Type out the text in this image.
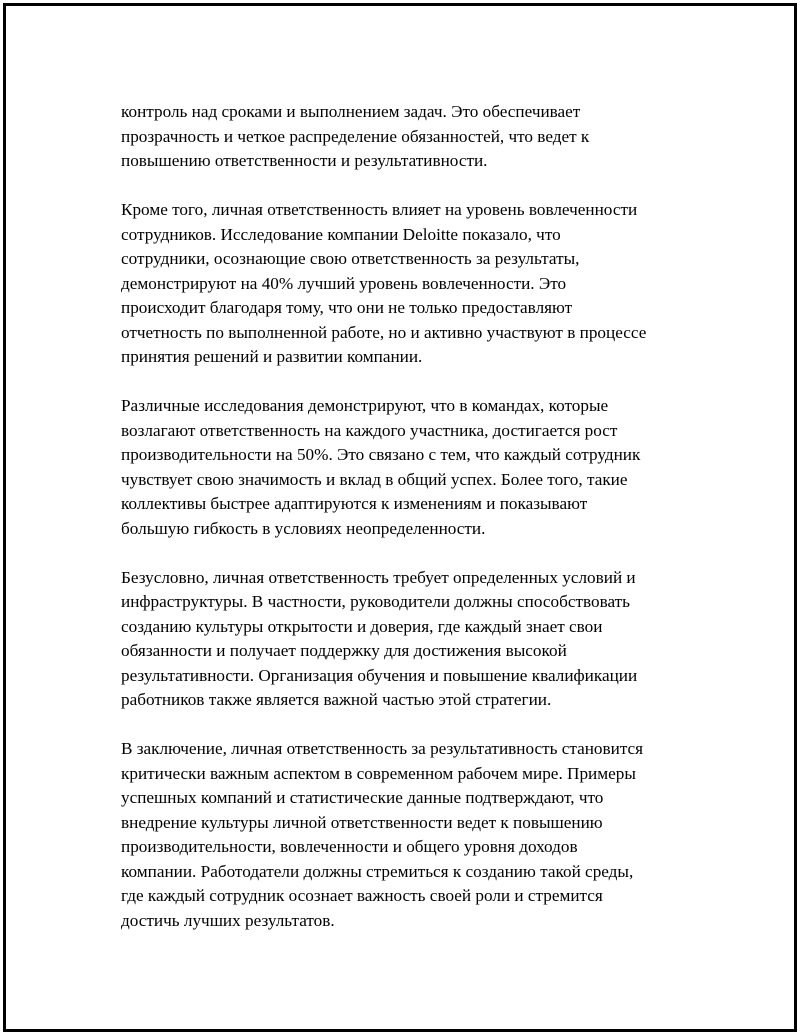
контроль над сроками и выполнением задач. Это обеспечивает
прозрачность и четкое распределение обязанностей, что ведет к
повышению ответственности и результативности.

Кроме того, личная ответственность влияет на уровень вовлеченности
сотрудников. Исследование компании Deloitte показало, что
сотрудники, осознающие свою ответственность за результаты,
демонстрируют на 40% лучший уровень вовлеченности. Это
происходит благодаря тому, что они не только предоставляют
отчетность по выполненной работе, но и активно участвуют в процессе
принятия решений и развитии компании.

Различные исследования демонстрируют, что в командах, которые
возлагают ответственность на каждого участника, достигается рост
производительности на 50%. Это связано с тем, что каждый сотрудник
чувствует свою значимость и вклад в общий успех. Более того, такие
коллективы быстрее адаптируются к изменениям и показывают
большую гибкость в условиях неопределенности.

Безусловно, личная ответственность требует определенных условий и
инфраструктуры. В частности, руководители должны способствовать
созданию культуры открытости и доверия, где каждый знает свои
обязанности и получает поддержку для достижения высокой
результативности. Организация обучения и повышение квалификации
работников также является важной частью этой стратегии.

В заключение, личная ответственность за результативность становится
критически важным аспектом в современном рабочем мире. Примеры
успешных компаний и статистические данные подтверждают, что
внедрение культуры личной ответственности ведет к повышению
производительности, вовлеченности и общего уровня доходов
компании. Работодатели должны стремиться к созданию такой среды,
где каждый сотрудник осознает важность своей роли и стремится
достичь лучших результатов.
